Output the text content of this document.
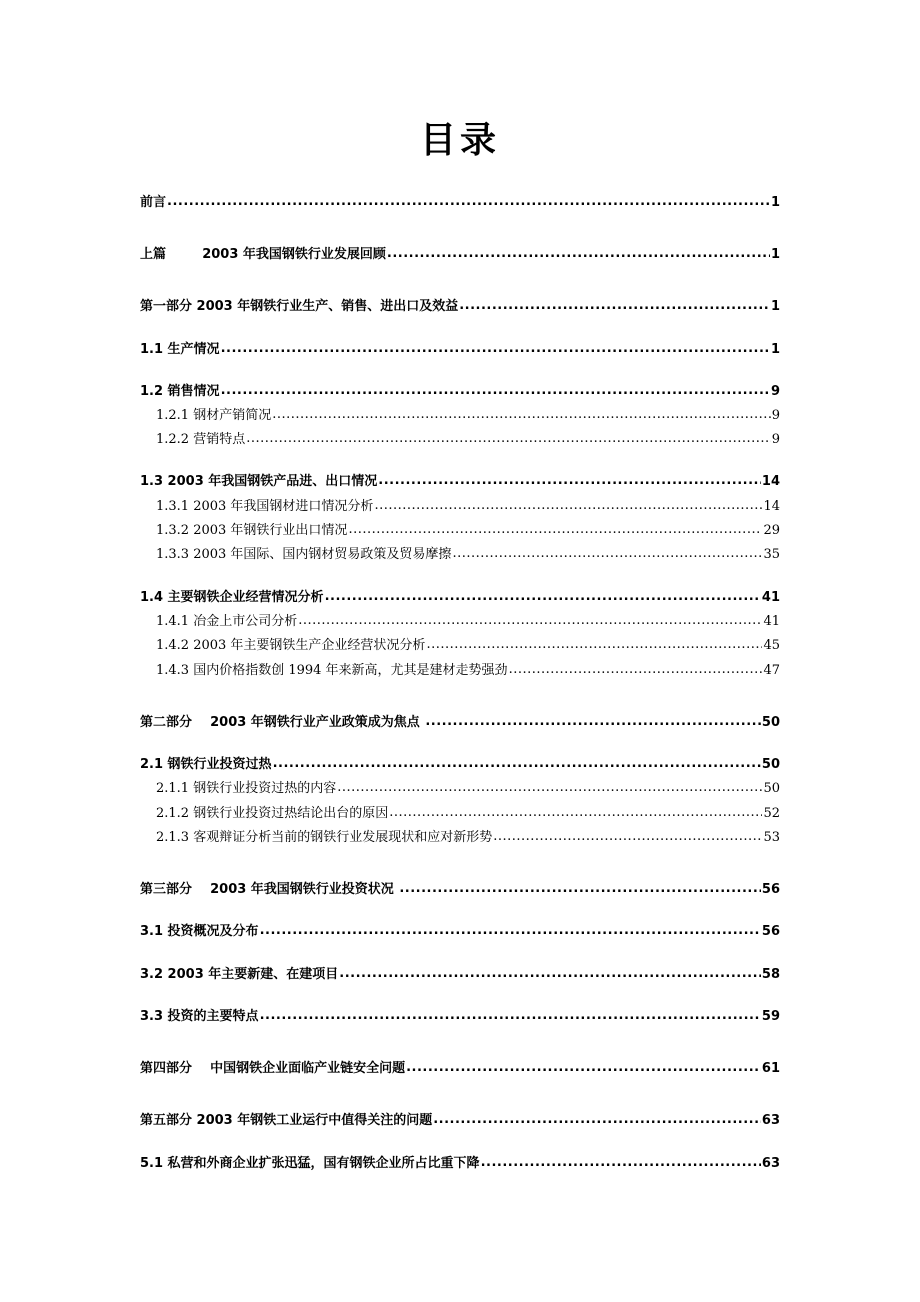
目录
前言 .....	1
上篇        2003 年我国钢铁行业发展回顾 .....	1
第一部分 2003 年钢铁行业生产、销售、进出口及效益 .....	1
1.1 生产情况 .....	1
1.2 销售情况 .....	9
1.2.1 钢材产销简况 .....	9
1.2.2 营销特点 .....	9
1.3 2003 年我国钢铁产品进、出口情况 .....	14
1.3.1 2003 年我国钢材进口情况分析 .....	14
1.3.2 2003 年钢铁行业出口情况 .....	29
1.3.3 2003 年国际、国内钢材贸易政策及贸易摩擦 .....	35
1.4 主要钢铁企业经营情况分析 .....	41
1.4.1 冶金上市公司分析 .....	41
1.4.2 2003 年主要钢铁生产企业经营状况分析 .....	45
1.4.3 国内价格指数创 1994 年来新高，尤其是建材走势强劲 .....	47
第二部分    2003 年钢铁行业产业政策成为焦点 .....	50
2.1 钢铁行业投资过热 .....	50
2.1.1 钢铁行业投资过热的内容 .....	50
2.1.2 钢铁行业投资过热结论出台的原因 .....	52
2.1.3 客观辩证分析当前的钢铁行业发展现状和应对新形势 .....	53
第三部分    2003 年我国钢铁行业投资状况 .....	56
3.1 投资概况及分布 .....	56
3.2 2003 年主要新建、在建项目 .....	58
3.3 投资的主要特点 .....	59
第四部分    中国钢铁企业面临产业链安全问题 .....	61
第五部分 2003 年钢铁工业运行中值得关注的问题 .....	63
5.1 私营和外商企业扩张迅猛，国有钢铁企业所占比重下降 .....	63
